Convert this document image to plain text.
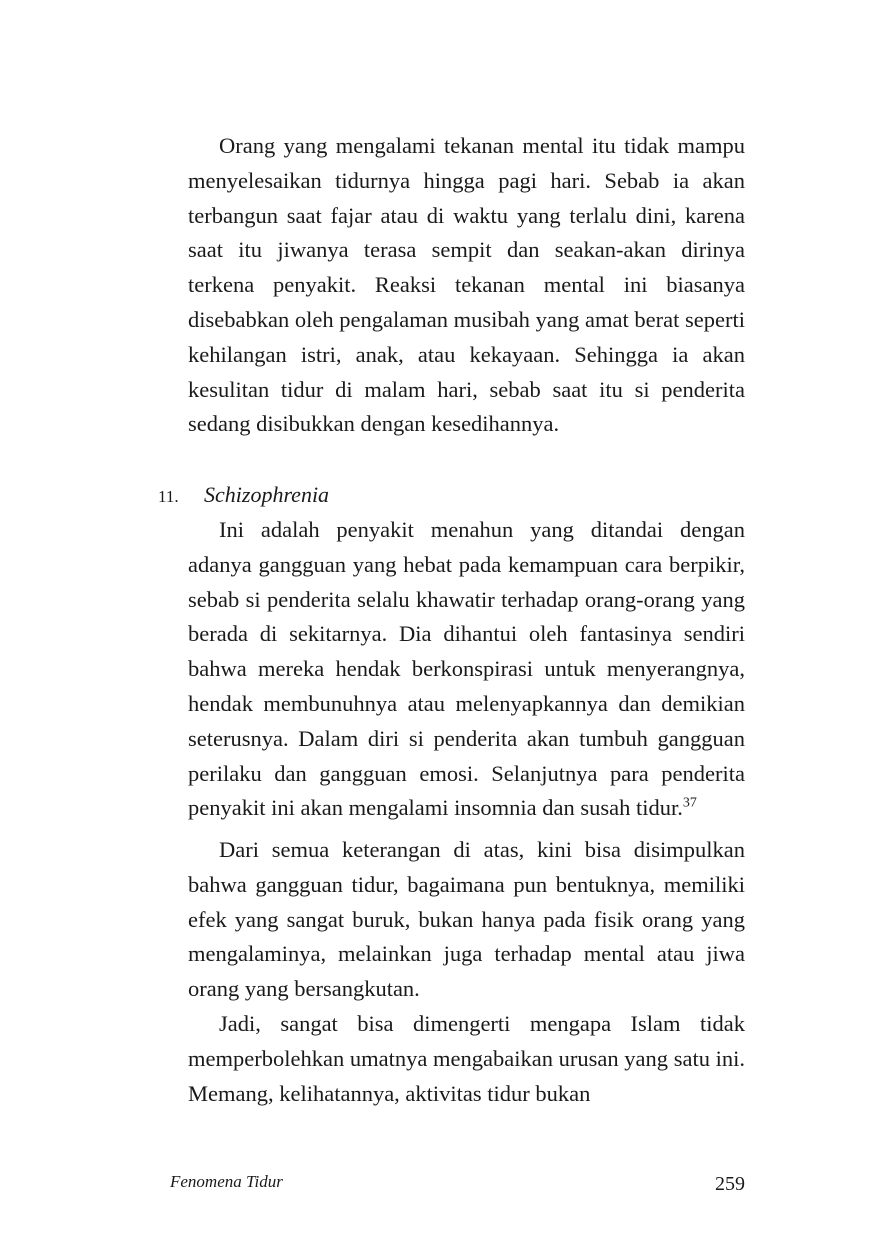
Orang yang mengalami tekanan mental itu tidak mampu menyelesaikan tidurnya hingga pagi hari. Sebab ia akan terbangun saat fajar atau di waktu yang terlalu dini, karena saat itu jiwanya terasa sempit dan seakan-akan dirinya terkena penyakit. Reaksi tekanan mental ini biasanya disebabkan oleh pengalaman musibah yang amat berat seperti kehilangan istri, anak, atau kekayaan. Sehingga ia akan kesulitan tidur di malam hari, sebab saat itu si penderita sedang disibukkan dengan kesedihannya.

11. Schizophrenia

Ini adalah penyakit menahun yang ditandai dengan adanya gangguan yang hebat pada kemampuan cara berpikir, sebab si penderita selalu khawatir terhadap orang-orang yang berada di sekitarnya. Dia dihantui oleh fantasinya sendiri bahwa mereka hendak berkonspirasi untuk menyerangnya, hendak membunuhnya atau melenyapkannya dan demikian seterusnya. Dalam diri si penderita akan tumbuh gangguan perilaku dan gangguan emosi. Selanjutnya para penderita penyakit ini akan mengalami insomnia dan susah tidur.$^{37}$

Dari semua keterangan di atas, kini bisa disimpulkan bahwa gangguan tidur, bagaimana pun bentuknya, memiliki efek yang sangat buruk, bukan hanya pada fisik orang yang mengalaminya, melainkan juga terhadap mental atau jiwa orang yang bersangkutan.

Jadi, sangat bisa dimengerti mengapa Islam tidak memperbolehkan umatnya mengabaikan urusan yang satu ini. Memang, kelihatannya, aktivitas tidur bukan

Fenomena Tidur	259
